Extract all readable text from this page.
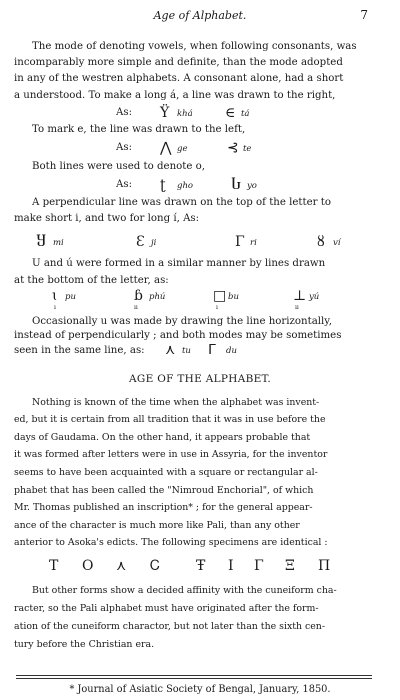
Age of Alphabet.	7
The mode of denoting vowels, when following consonants, was
incomparably more simple and definite, than the mode adopted
in any of the westren alphabets. A consonant alone, had a short
a understood. To make a long á, a line was drawn to the right,
As: Ϋ khá ∈ tá
To mark e, the line was drawn to the left,
As: ⋀ ge	⊰ te
Both lines were used to denote o,
As: ʈ gho	Ⴑ yo
A perpendicular line was drawn on the top of the letter to
make short i, and two for long í, As:
Ⴘ mi	Ɛ ji	Γ ri	ȣ ví
U and ú were formed in a similar manner by lines drawn
at the bottom of the letter, as:
ɩ
ı
pu	ɓ
ıı
phú	□
ı
bu	⊥
ıı
yú
Occasionally u was made by drawing the line horizontally,
instead of perpendicularly ; and both modes may be sometimes
seen in the same line, as: ⋏ tu ᒥ du
AGE OF THE ALPHABET.
Nothing is known of the time when the alphabet was invent-
ed, but it is certain from all tradition that it was in use before the
days of Gaudama. On the other hand, it appears probable that
it was formed after letters were in use in Assyria, for the inventor
seems to have been acquainted with a square or rectangular al-
phabet that has been called the "Nimroud Enchorial", of which
Mr. Thomas published an inscription* ; for the general appear-
ance of the character is much more like Pali, than any other
anterior to Asoka's edicts. The following specimens are identical :
Τ Ο ⋏ Ꮯ	Ŧ Ι Γ Ξ Π
But other forms show a decided affinity with the cuneiform cha-
racter, so the Pali alphabet must have originated after the form-
ation of the cuneiform charactor, but not later than the sixth cen-
tury before the Christian era.
* Journal of Asiatic Society of Bengal, January, 1850.
